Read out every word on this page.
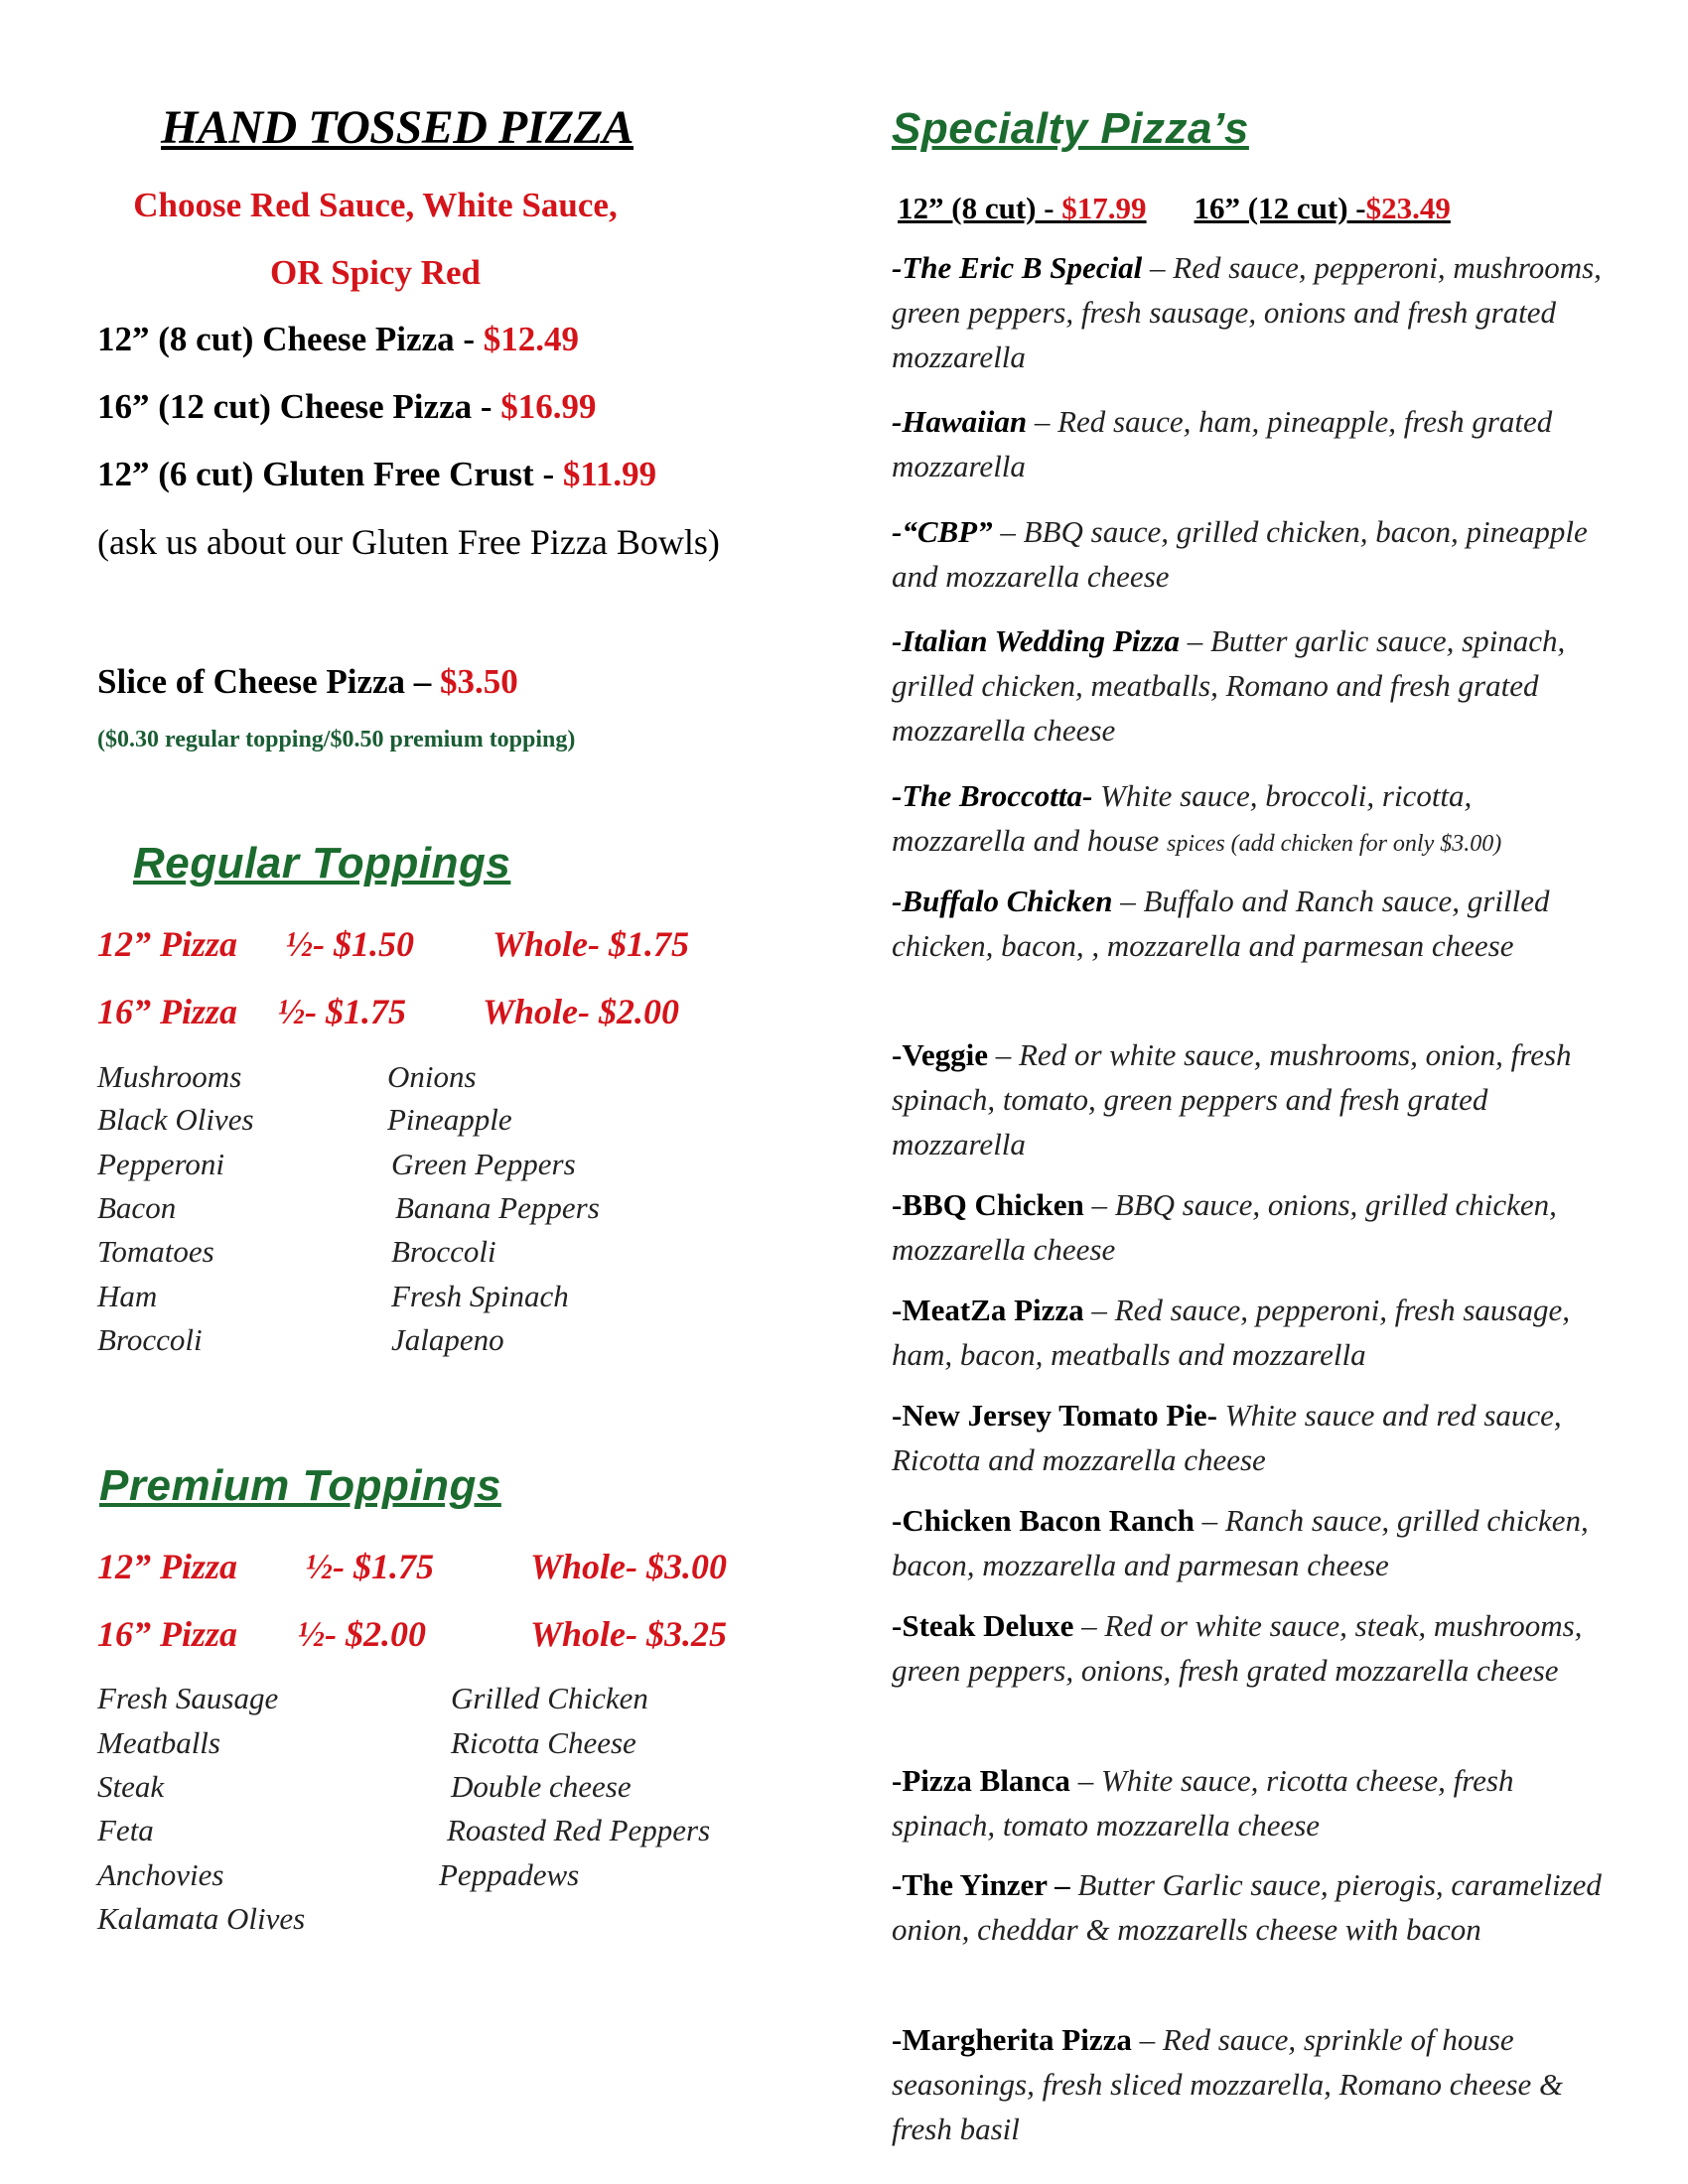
HAND TOSSED PIZZA
Choose Red Sauce, White Sauce,
OR Spicy Red
12” (8 cut) Cheese Pizza - $12.49
16” (12 cut) Cheese Pizza - $16.99
12” (6 cut) Gluten Free Crust - $11.99
(ask us about our Gluten Free Pizza Bowls)
Slice of Cheese Pizza – $3.50
($0.30 regular topping/$0.50 premium topping)
Regular Toppings
12” Pizza ½- $1.50 Whole- $1.75
16” Pizza ½- $1.75 Whole- $2.00
Mushrooms
Black Olives
Pepperoni
Bacon
Tomatoes
Ham
Broccoli
Onions
Pineapple
Green Peppers
Banana Peppers
Broccoli
Fresh Spinach
Jalapeno
Premium Toppings
12” Pizza ½- $1.75	Whole- $3.00
16” Pizza ½- $2.00	Whole- $3.25
Fresh Sausage
Meatballs
Steak
Feta
Anchovies
Kalamata Olives
Grilled Chicken
Ricotta Cheese
Double cheese
Roasted Red Peppers
Peppadews
Specialty Pizza’s
12” (8 cut) - $17.99 16” (12 cut) -$23.49
-The Eric B Special – Red sauce, pepperoni, mushrooms, green peppers, fresh sausage, onions and fresh grated mozzarella
-Hawaiian – Red sauce, ham, pineapple, fresh grated mozzarella
-“CBP” – BBQ sauce, grilled chicken, bacon, pineapple and mozzarella cheese
-Italian Wedding Pizza – Butter garlic sauce, spinach, grilled chicken, meatballs, Romano and fresh grated mozzarella cheese
-The Broccotta- White sauce, broccoli, ricotta, mozzarella and house spices (add chicken for only $3.00)
-Buffalo Chicken – Buffalo and Ranch sauce, grilled chicken, bacon, , mozzarella and parmesan cheese
-Veggie – Red or white sauce, mushrooms, onion, fresh spinach, tomato, green peppers and fresh grated mozzarella
-BBQ Chicken – BBQ sauce, onions, grilled chicken, mozzarella cheese
-MeatZa Pizza – Red sauce, pepperoni, fresh sausage, ham, bacon, meatballs and mozzarella
-New Jersey Tomato Pie- White sauce and red sauce, Ricotta and mozzarella cheese
-Chicken Bacon Ranch – Ranch sauce, grilled chicken, bacon, mozzarella and parmesan cheese
-Steak Deluxe – Red or white sauce, steak, mushrooms, green peppers, onions, fresh grated mozzarella cheese
-Pizza Blanca – White sauce, ricotta cheese, fresh spinach, tomato mozzarella cheese
-The Yinzer – Butter Garlic sauce, pierogis, caramelized onion, cheddar & mozzarells cheese with bacon
-Margherita Pizza – Red sauce, sprinkle of house seasonings, fresh sliced mozzarella, Romano cheese & fresh basil
